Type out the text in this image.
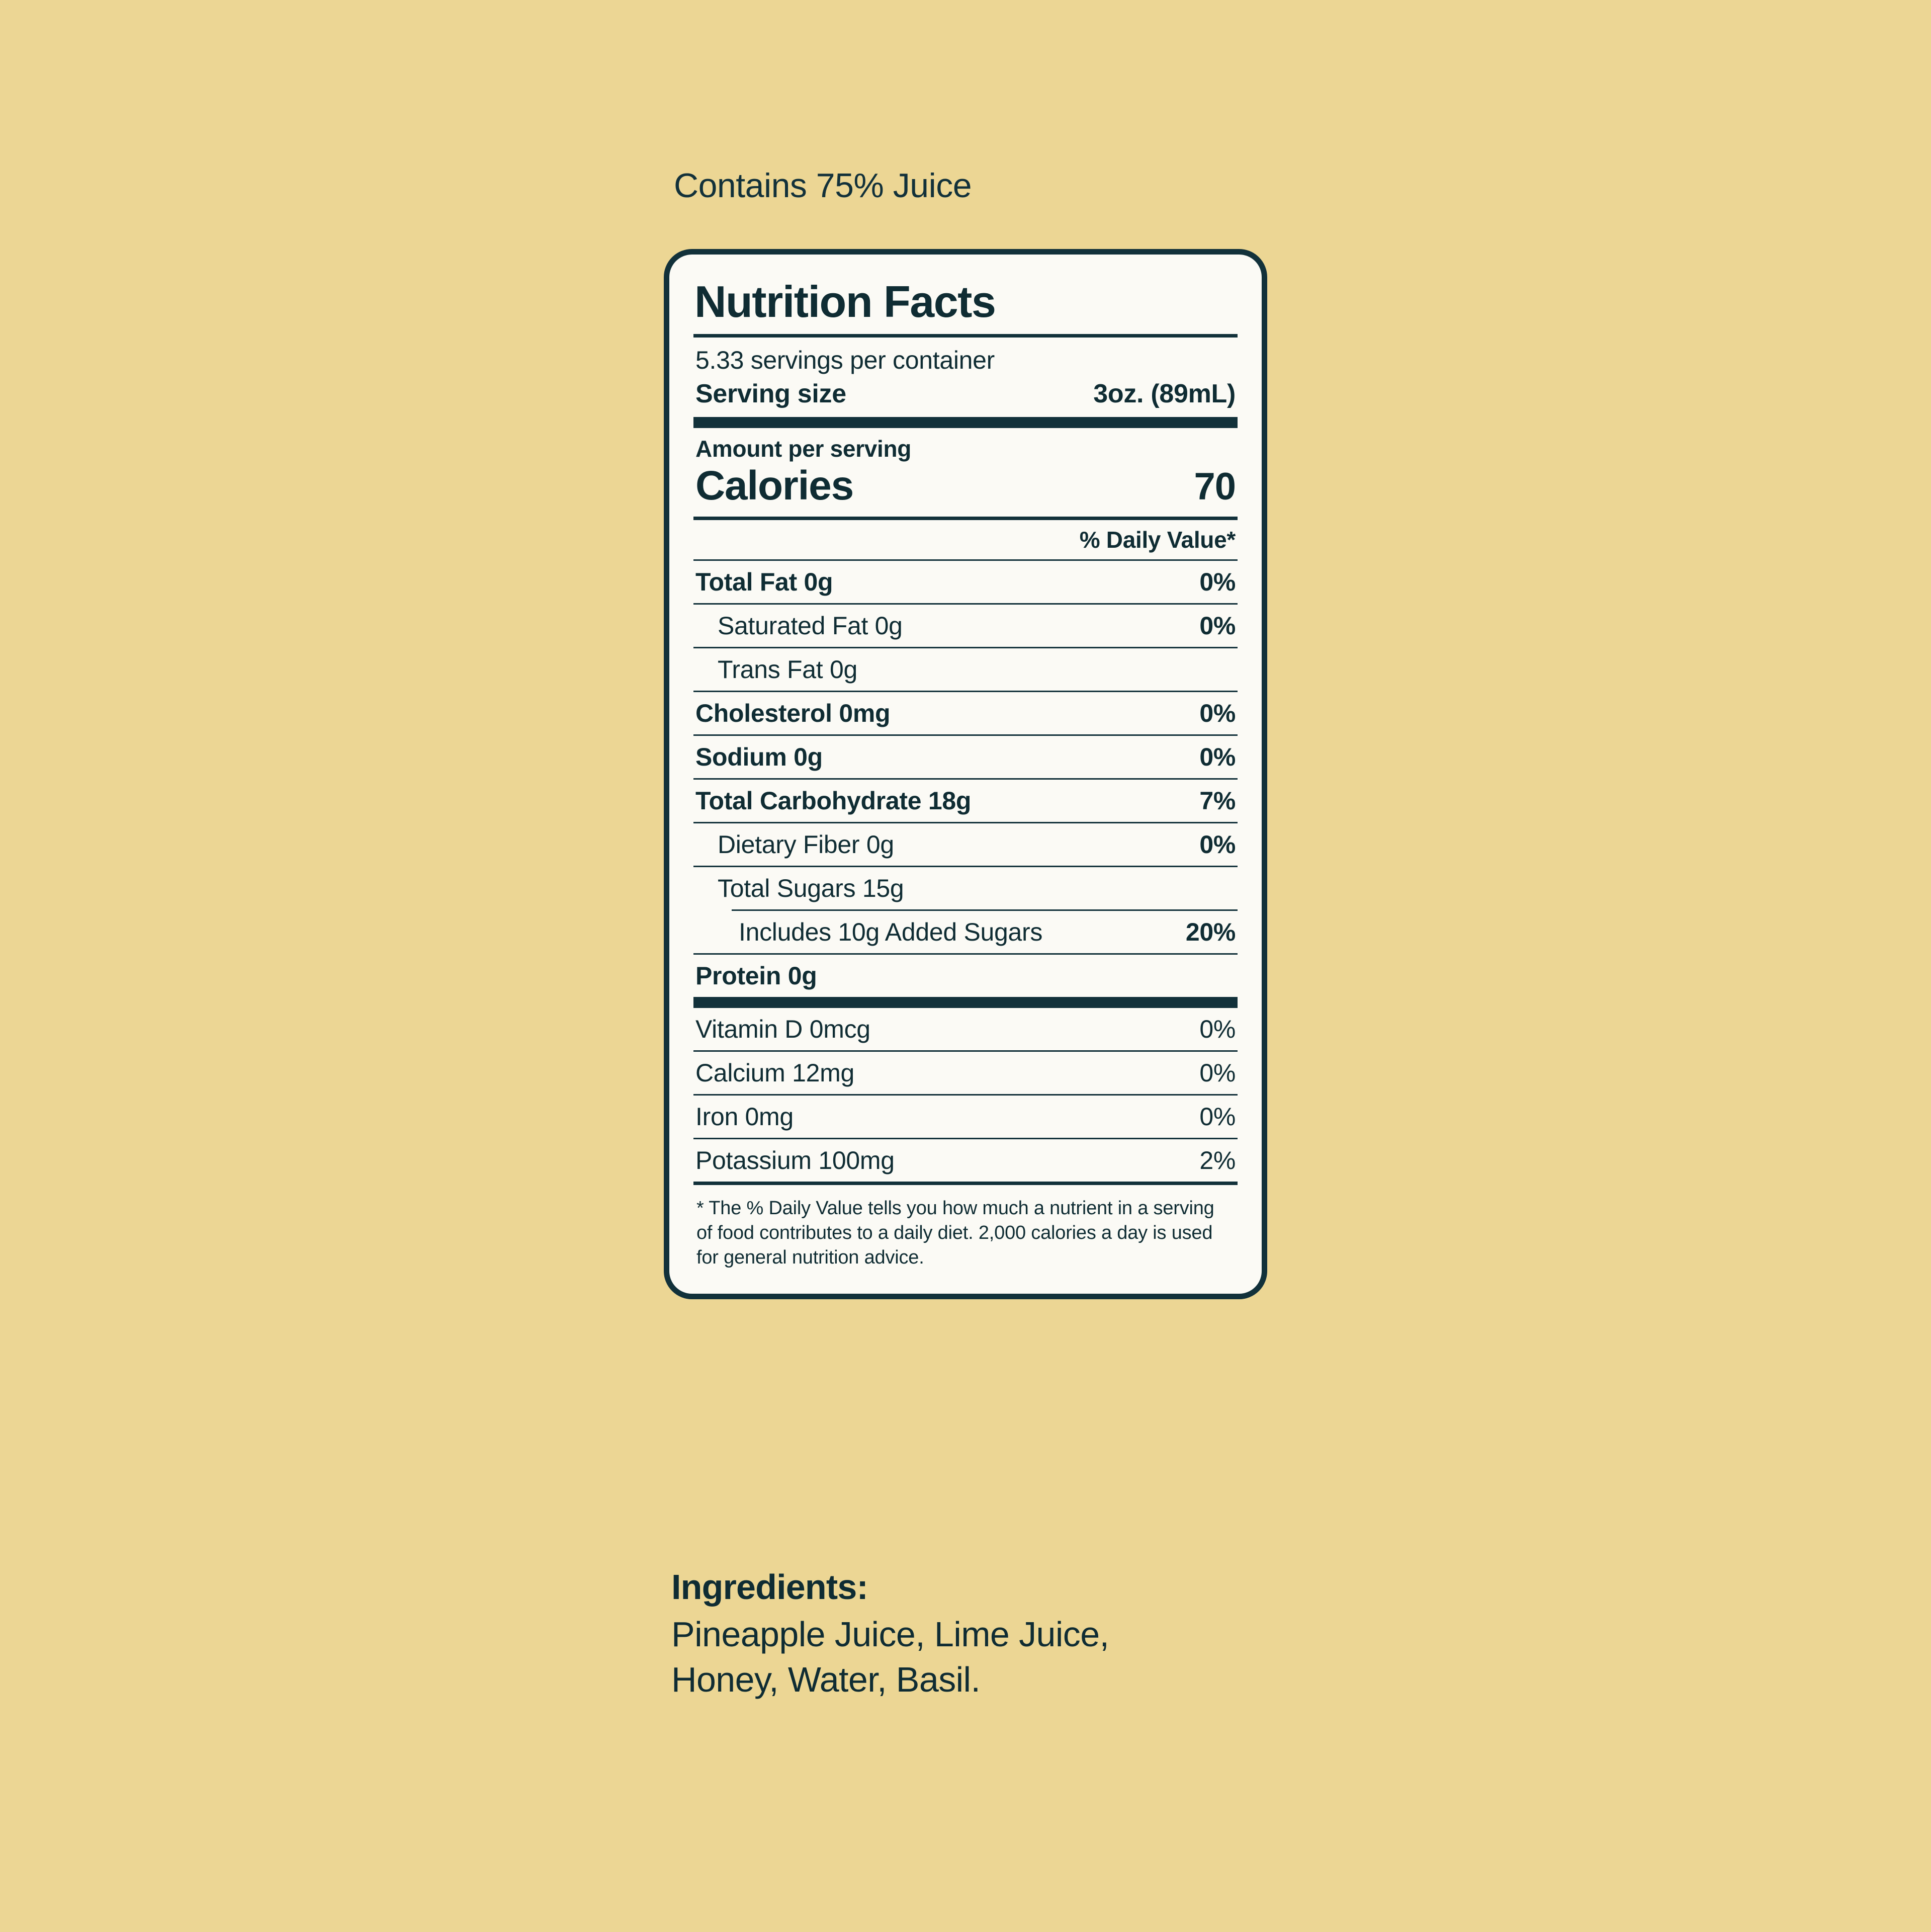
Contains 75% Juice
Nutrition Facts
5.33 servings per container
Serving size	3oz. (89mL)
Amount per serving
Calories	70
% Daily Value*
Total Fat 0g	0%
Saturated Fat 0g	0%
Trans Fat 0g
Cholesterol 0mg	0%
Sodium 0g	0%
Total Carbohydrate 18g	7%
Dietary Fiber 0g	0%
Total Sugars 15g
Includes 10g Added Sugars	20%
Protein 0g
Vitamin D 0mcg	0%
Calcium 12mg	0%
Iron 0mg	0%
Potassium 100mg	2%
* The % Daily Value tells you how much a nutrient in a serving of food contributes to a daily diet. 2,000 calories a day is used for general nutrition advice.
Ingredients:
Pineapple Juice, Lime Juice, Honey, Water, Basil.
